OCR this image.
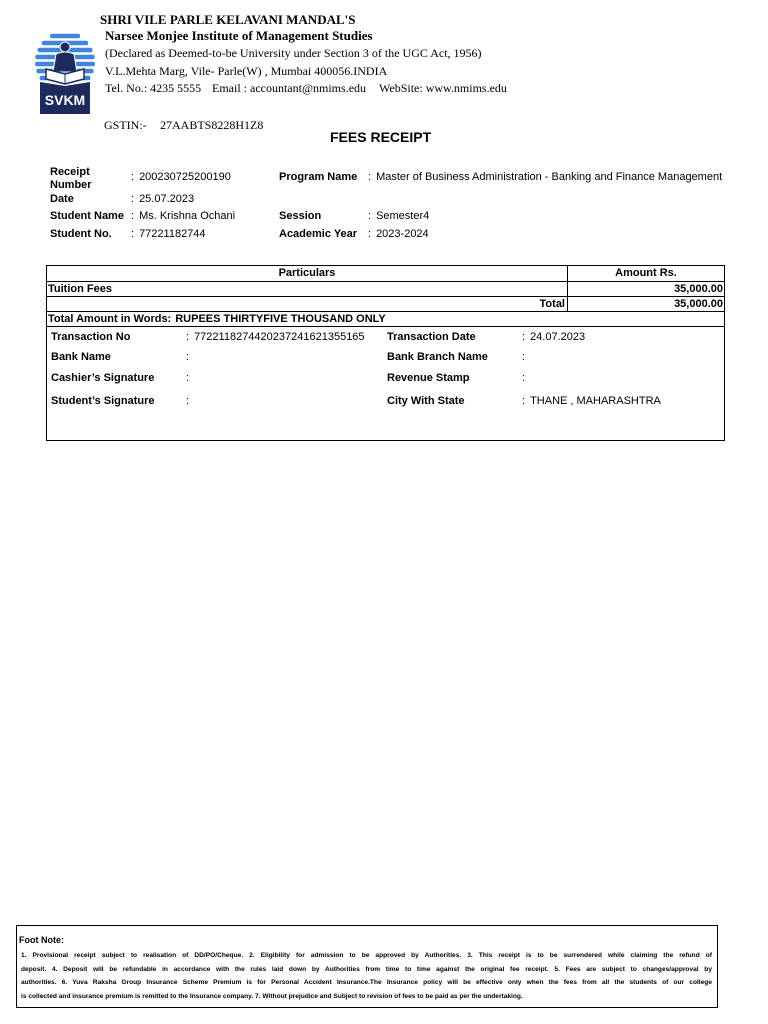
SVKM
SHRI VILE PARLE KELAVANI MANDAL'S
Narsee Monjee Institute of Management Studies
(Declared as Deemed-to-be University under Section 3 of the UGC Act, 1956)
V.L.Mehta Marg, Vile- Parle(W) , Mumbai 400056.INDIA
Tel. No.: 4235 5555 Email : accountant@nmims.edu WebSite: www.nmims.edu
GSTIN:- 27AABTS8228H1Z8
FEES RECEIPT
Receipt Number
: 200230725200190	Program Name : Master of Business Administration - Banking and Finance Management
Date	: 25.07.2023
Student Name : Ms. Krishna Ochani	Session	: Semester4
Student No. : 77221182744	Academic Year : 2023-2024
Particulars	Amount Rs.
Tuition Fees	35,000.00
Total	35,000.00
Total Amount in Words: RUPEES THIRTYFIVE THOUSAND ONLY
Transaction No	: 7722118274420237241621355165 Transaction Date	: 24.07.2023
Bank Name	:	Bank Branch Name	:
Cashier’s Signature	:	Revenue Stamp	:
Student’s Signature	:	City With State	: THANE , MAHARASHTRA
Foot Note:
1. Provisional receipt subject to realisation of DD/PO/Cheque. 2. Eligibility for admission to be approved by Authorities. 3. This receipt is to be surrendered while claiming the refund of
deposit. 4. Deposit will be refundable in accordance with the rules laid down by Authorities from time to time against the original fee receipt. 5. Fees are subject to changes/approval by
authorities. 6. Yuva Raksha Group Insurance Scheme Premium is for Personal Accident Insurance.The Insurance policy will be effective only when the fees from all the students of our college
is collected and insurance premium is remitted to the Insurance company. 7. Without prejudice and Subject to revision of fees to be paid as per the undertaking.
